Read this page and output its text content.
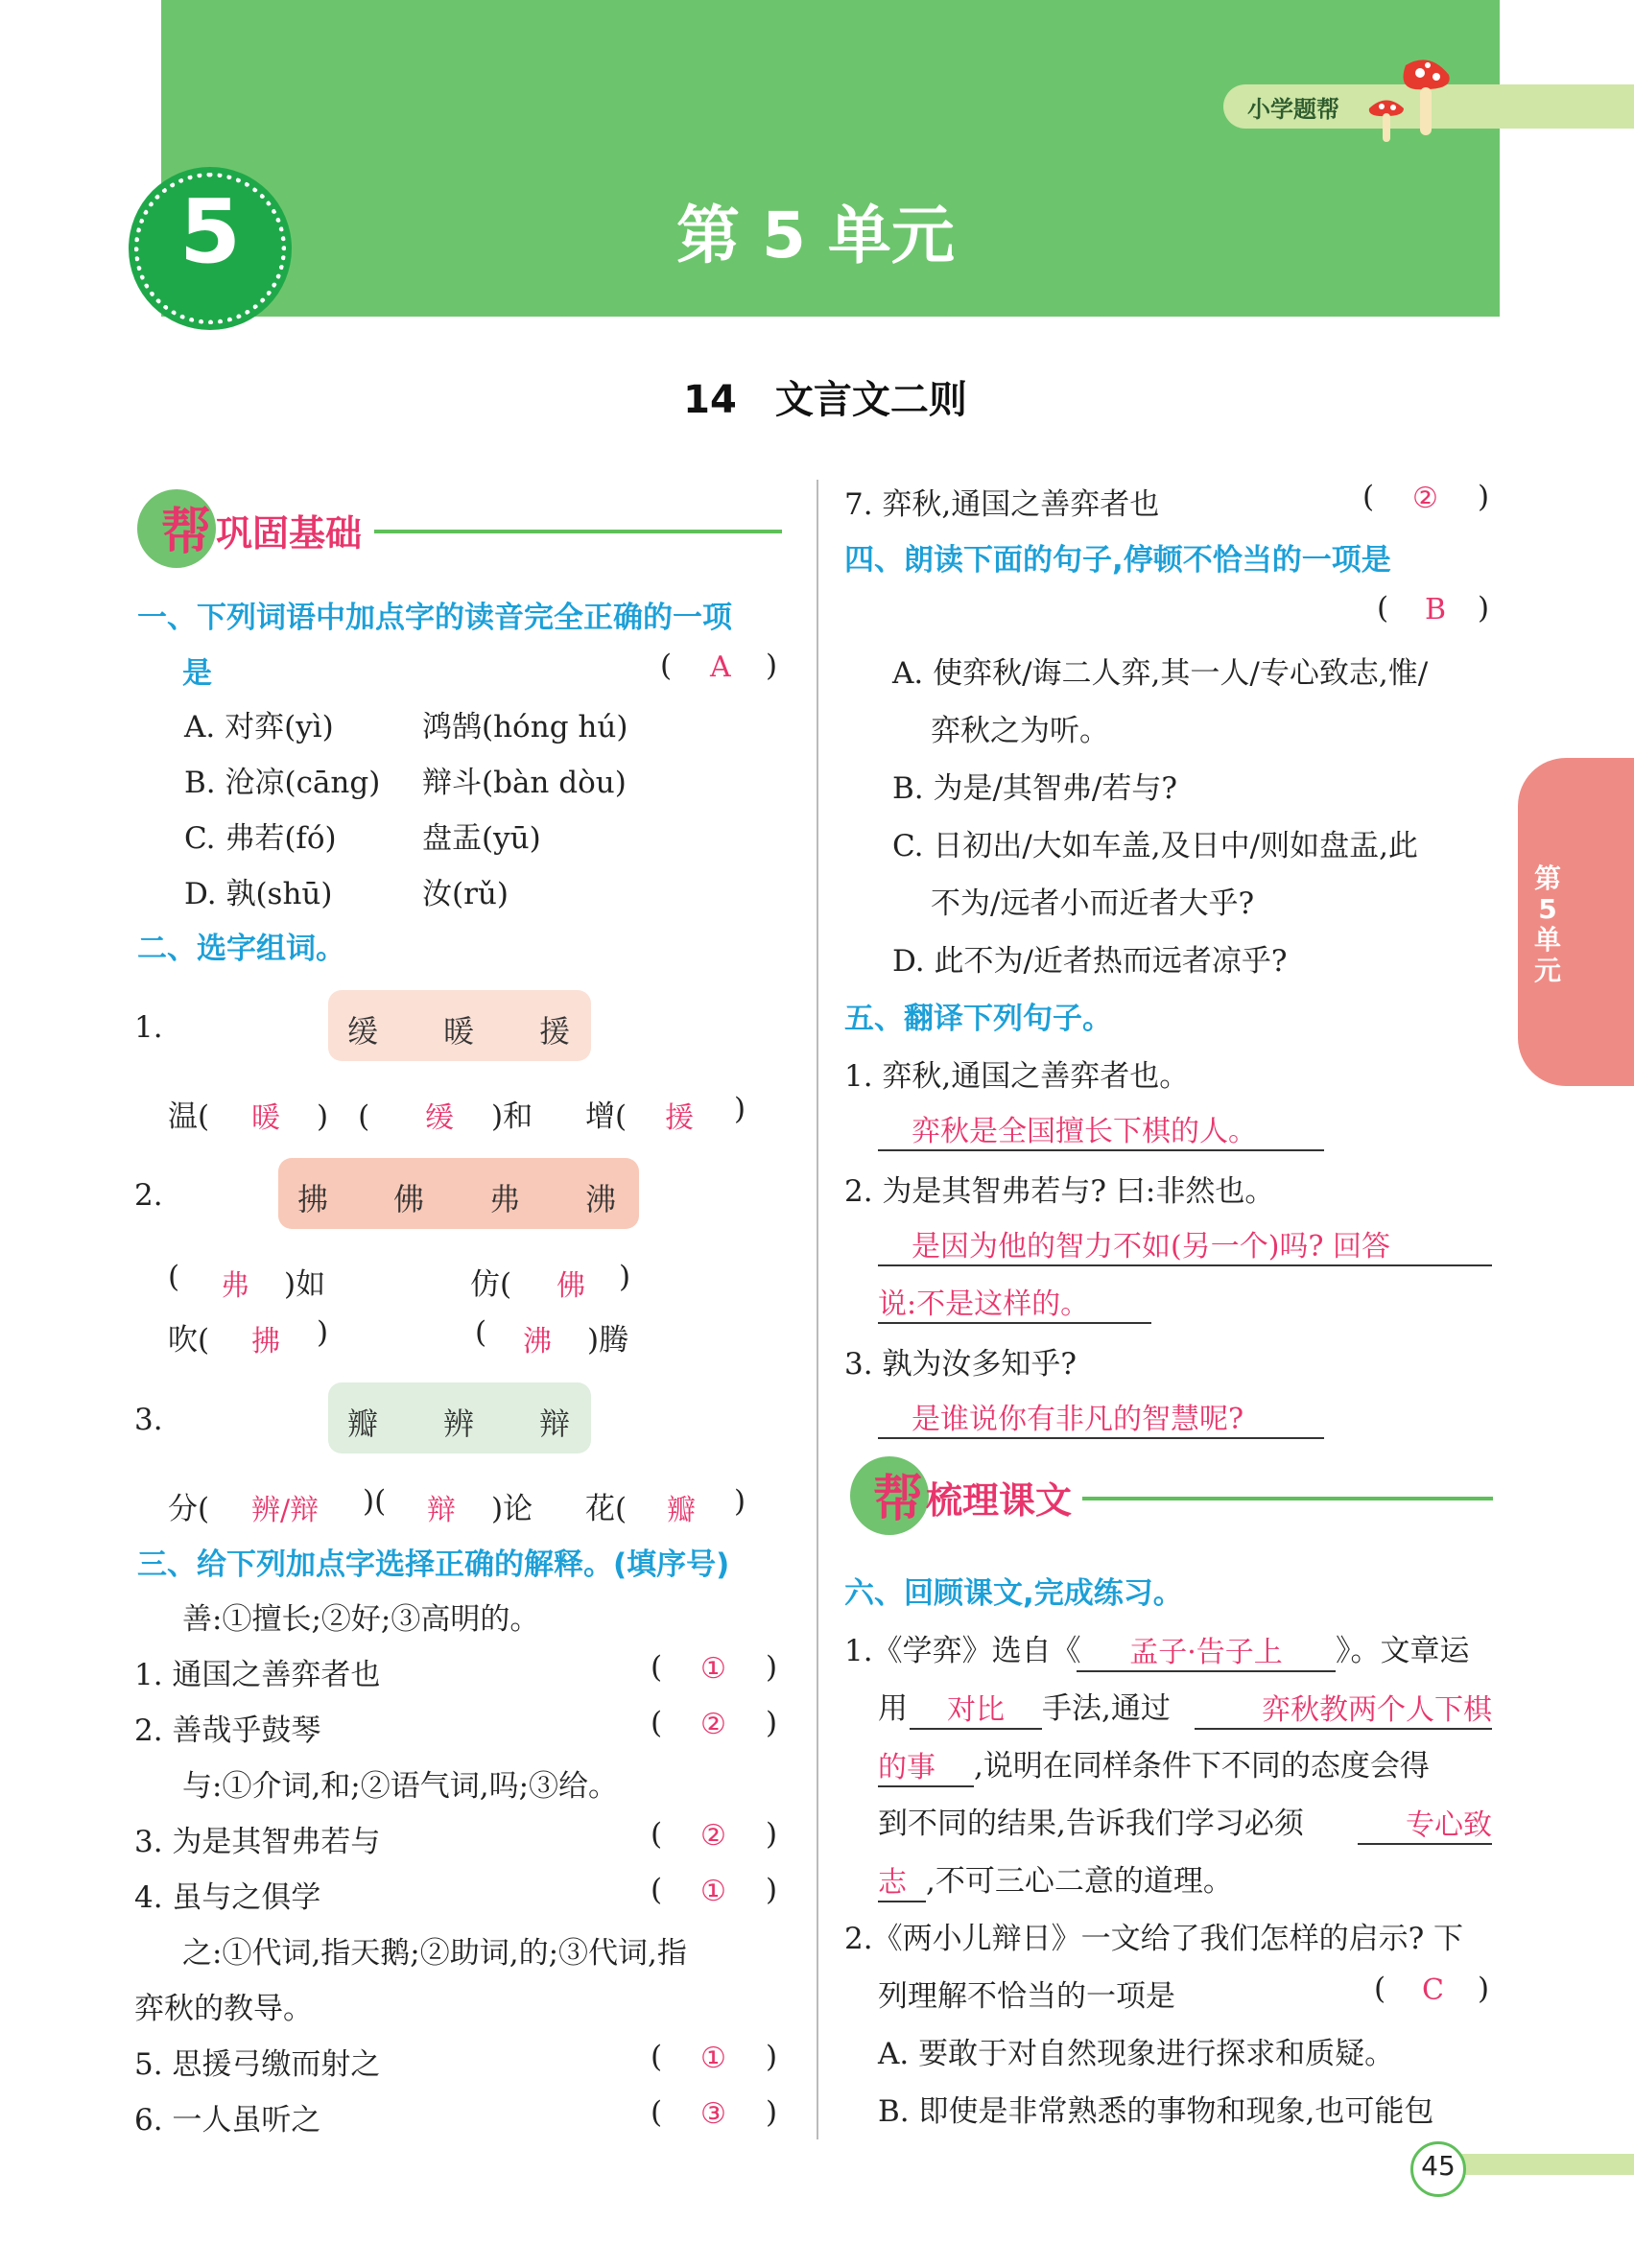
小学题帮
5	第 5 单元
14　文言文二则
帮 巩固基础
一、下列词语中加点字的读音完全正确的一项
是	( A )
A. 对弈(yì)	鸿鹄(hóng hú)
B. 沧凉(cāng) 辩斗(bàn dòu)
C. 弗若(fó)	盘盂(yū)
D. 孰(shū)	汝(rǔ)
二、选字组词。
1.	缓 暖 援
温( 暖 )　( 缓 )和 增( 援 )
2.	拂 佛 弗 沸
( 弗 )如	仿( 佛 )
吹( 拂 )	( 沸 )腾
3.	瓣 辨 辩
分( 辨/辩 )( 辩 )论 花( 瓣 )
三、给下列加点字选择正确的解释。(填序号)
善:①擅长;②好;③高明的。
1. 通国之善弈者也	( ① )
2. 善哉乎鼓琴	( ② )
与:①介词,和;②语气词,吗;③给。
3. 为是其智弗若与	( ② )
4. 虽与之俱学	( ① )
之:①代词,指天鹅;②助词,的;③代词,指
弈秋的教导。
5. 思援弓缴而射之	( ① )
6. 一人虽听之	( ③ )
7. 弈秋,通国之善弈者也	( ② )
四、朗读下面的句子,停顿不恰当的一项是
( B )
A. 使弈秋/诲二人弈,其一人/专心致志,惟/
弈秋之为听。
B. 为是/其智弗/若与?
C. 日初出/大如车盖,及日中/则如盘盂,此
不为/远者小而近者大乎?
D. 此不为/近者热而远者凉乎?
五、翻译下列句子。
1. 弈秋,通国之善弈者也。
弈秋是全国擅长下棋的人。
2. 为是其智弗若与? 曰:非然也。
是因为他的智力不如(另一个)吗? 回答
说:不是这样的。
3. 孰为汝多知乎?
是谁说你有非凡的智慧呢?
帮 梳理课文
六、回顾课文,完成练习。
1.《学弈》选自《	孟子·告子上	》。文章运
用	对比	手法,通过	弈秋教两个人下棋
的事	,说明在同样条件下不同的态度会得
到不同的结果,告诉我们学习必须	专心致
志 ,不可三心二意的道理。
2.《两小儿辩日》一文给了我们怎样的启示? 下
列理解不恰当的一项是	( C )
A. 要敢于对自然现象进行探求和质疑。
B. 即使是非常熟悉的事物和现象,也可能包
第
5
单
元
45
